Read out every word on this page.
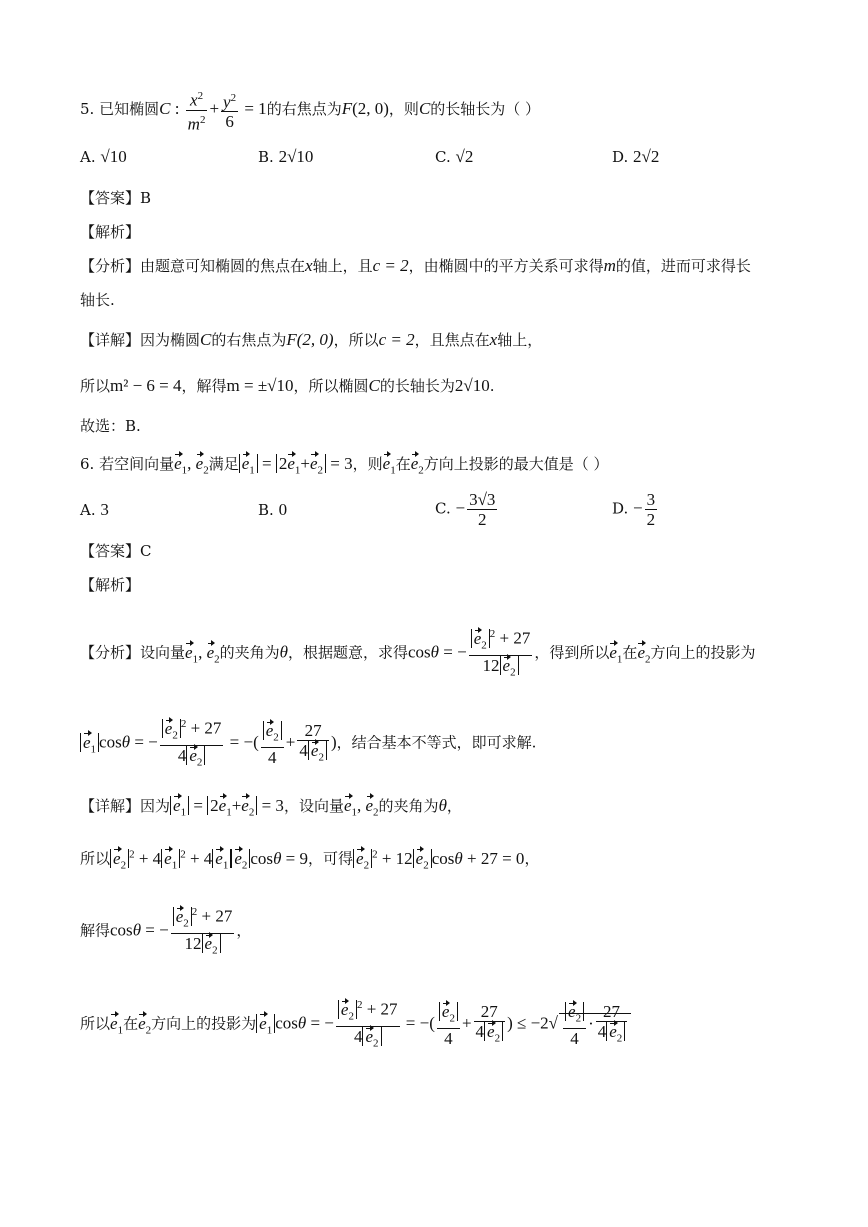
5. 已知椭圆C : $\frac{x^2}{m^2} + \frac{y^2}{6} = 1$的右焦点为F(2, 0)，则C的长轴长为（ ）
A. √10	B. 2√10	C. √2	D. 2√2
【答案】B
【解析】
【分析】由题意可知椭圆的焦点在x轴上，且c = 2，由椭圆中的平方关系可求得m的值，进而可求得长
轴长.
【详解】因为椭圆C的右焦点为F(2, 0)，所以c = 2，且焦点在x轴上，
所以m² − 6 = 4，解得m = ±√10，所以椭圆C的长轴长为2√10.
故选：B.
6. 若空间向量$e_1$, $e_2$满足 $e_1 = 2e_1+e_2 = 3$，则$e_1$在$e_2$方向上投影的最大值是（ ）
A. 3	B. 0	C. − $\frac{3√3}{2}$	D. − $\frac{3}{2}$
【答案】C
【解析】
【分析】设向量$e_1$, $e_2$的夹角为θ，根据题意，求得cosθ = − $\frac{e_2^2 + 27}{12 e_2}$ ，得到所以$e_1$在$e_2$方向上的投影为
$e_1$ cosθ = − $\frac{e_2^2 + 27}{4 e_2}$ = −( $\frac{e_2}{4} + \frac{27}{4 e_2}$ )，结合基本不等式，即可求解.
【详解】因为 $e_1 = 2e_1+e_2 = 3$，设向量$e_1$, $e_2$的夹角为θ，
所以 $e_2^2 + 4$ $e_1^2 + 4$ $e_1$ $e_2$ cosθ = 9，可得 $e_2^2 + 12$ $e_2$ cosθ + 27 = 0，
解得cosθ = − $\frac{e_2^2 + 27}{12 e_2}$ ，
所以$e_1$在$e_2$方向上的投影为 $e_1$ cosθ = − $\frac{e_2^2 + 27}{4 e_2}$ = −( $\frac{e_2}{4} + \frac{27}{4 e_2}$ ) ≤ $-2√ \frac{e_2}{4} \cdot \frac{27}{4 e_2}$
